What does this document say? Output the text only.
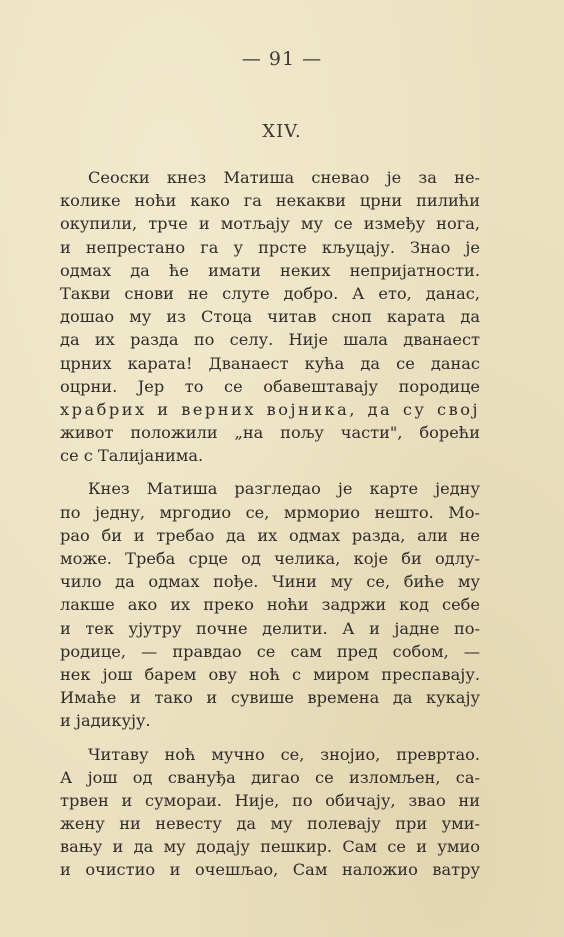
— 91 —
XIV.
Сеоски кнез Матиша сневао је за не-
колике ноћи како га некакви црни пилићи
окупили, трче и мотљају му се између нога,
и непрестано га у прсте кљуцају. Знао је
одмах да ће имати неких непријатности.
Такви снови не слуте добро. А ето, данас,
дошао му из Стоца читав сноп карата да
да их разда по селу. Није шала дванаест
црних карата! Дванаест кућа да се данас
оцрни. Јер то се обавештавају породице
храбрих и верних војника, да су свој
живот положили „на пољу части", борећи
се с Талијанима.
Кнез Матиша разгледао је карте једну
по једну, мргодио се, мрморио нешто. Мо-
рао би и требао да их одмах разда, али не
може. Треба срце од челика, које би одлу-
чило да одмах пође. Чини му се, биће му
лакше ако их преко ноћи задржи код себе
и тек ујутру почне делити. А и јадне по-
родице, — правдао се сам пред собом, —
нек још барем ову ноћ с миром преспавају.
Имаће и тако и сувише времена да кукају
и јадикују.
Читаву ноћ мучно се, знојио, превртао.
А још од свануђа дигао се изломљен, са-
трвен и сумораи. Није, по обичају, звао ни
жену ни невесту да му полевају при уми-
вању и да му додају пешкир. Сам се и умио
и очистио и очешљао, Сам наложио ватру
